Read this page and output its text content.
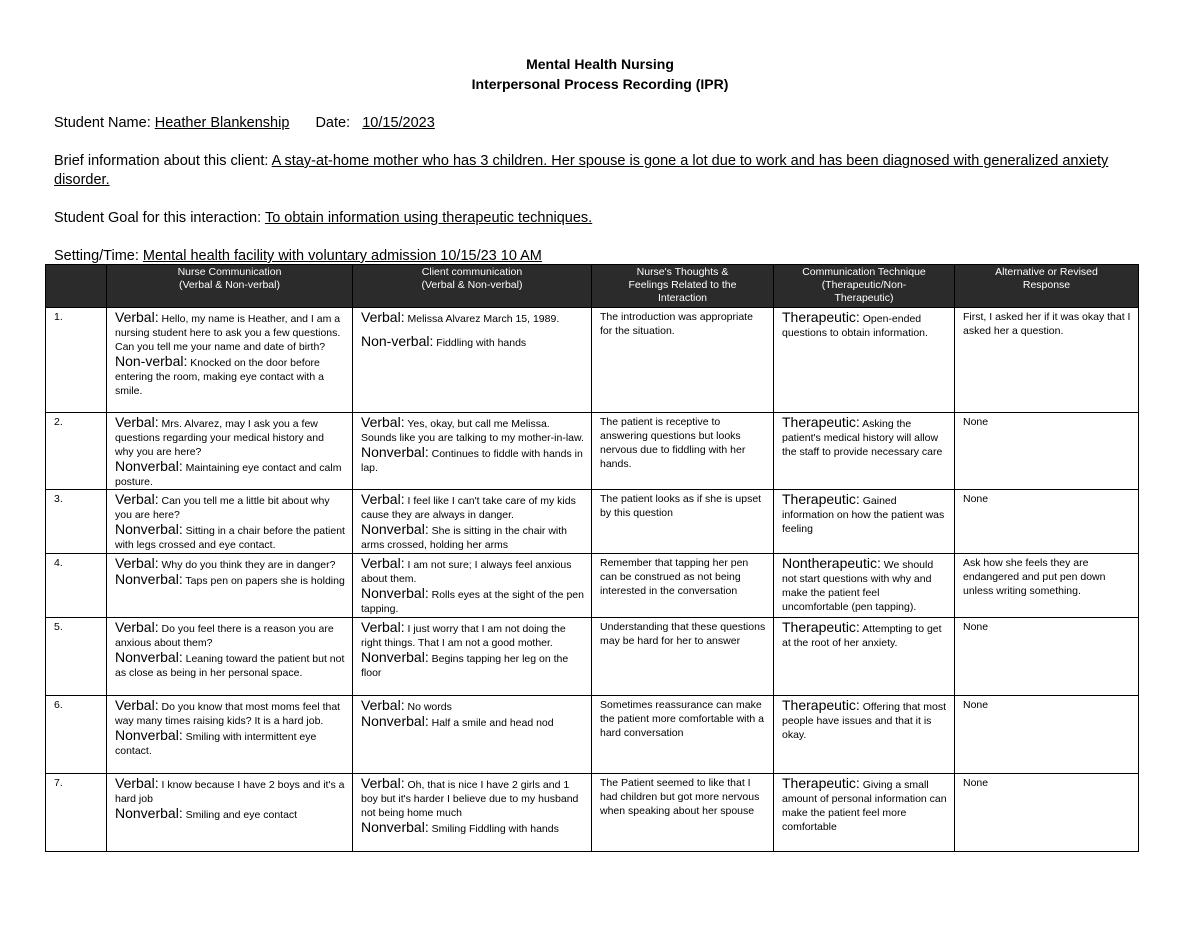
Mental Health Nursing
Interpersonal Process Recording (IPR)
Student Name: Heather Blankenship Date: 10/15/2023
Brief information about this client: A stay-at-home mother who has 3 children. Her spouse is gone a lot due to work and has been diagnosed with generalized anxiety disorder.
Student Goal for this interaction: To obtain information using therapeutic techniques.
Setting/Time: Mental health facility with voluntary admission 10/15/23 10 AM
	Nurse Communication
(Verbal & Non-verbal)	Client communication
(Verbal & Non-verbal)	Nurse's Thoughts &
Feelings Related to the
Interaction	Communication Technique
(Therapeutic/Non-
Therapeutic)	Alternative or Revised
Response
1.	Verbal: Hello, my name is Heather, and I am a nursing student here to ask you a few questions. Can you tell me your name and date of birth?
Non-verbal: Knocked on the door before entering the room, making eye contact with a smile.	Verbal: Melissa Alvarez March 15, 1989.
Non-verbal: Fiddling with hands	The introduction was appropriate for the situation.	Therapeutic: Open-ended questions to obtain information.	First, I asked her if it was okay that I asked her a question.
2.	Verbal: Mrs. Alvarez, may I ask you a few questions regarding your medical history and why you are here?
Nonverbal: Maintaining eye contact and calm posture.	Verbal: Yes, okay, but call me Melissa. Sounds like you are talking to my mother-in-law.
Nonverbal: Continues to fiddle with hands in lap.	The patient is receptive to answering questions but looks nervous due to fiddling with her hands.	Therapeutic: Asking the patient's medical history will allow the staff to provide necessary care	None
3.	Verbal: Can you tell me a little bit about why you are here?
Nonverbal: Sitting in a chair before the patient with legs crossed and eye contact.	Verbal: I feel like I can't take care of my kids cause they are always in danger.
Nonverbal: She is sitting in the chair with arms crossed, holding her arms	The patient looks as if she is upset by this question	Therapeutic: Gained information on how the patient was feeling	None
4.	Verbal: Why do you think they are in danger?
Nonverbal: Taps pen on papers she is holding	Verbal: I am not sure; I always feel anxious about them.
Nonverbal: Rolls eyes at the sight of the pen tapping.	Remember that tapping her pen can be construed as not being interested in the conversation	Nontherapeutic: We should not start questions with why and make the patient feel uncomfortable (pen tapping).	Ask how she feels they are endangered and put pen down unless writing something.
5.	Verbal: Do you feel there is a reason you are anxious about them?
Nonverbal: Leaning toward the patient but not as close as being in her personal space.	Verbal: I just worry that I am not doing the right things. That I am not a good mother.
Nonverbal: Begins tapping her leg on the floor	Understanding that these questions may be hard for her to answer	Therapeutic: Attempting to get at the root of her anxiety.	None
6.	Verbal: Do you know that most moms feel that way many times raising kids? It is a hard job.
Nonverbal: Smiling with intermittent eye contact.	Verbal: No words
Nonverbal: Half a smile and head nod	Sometimes reassurance can make the patient more comfortable with a hard conversation	Therapeutic: Offering that most people have issues and that it is okay.	None
7.	Verbal: I know because I have 2 boys and it's a hard job
Nonverbal: Smiling and eye contact	Verbal: Oh, that is nice I have 2 girls and 1 boy but it's harder I believe due to my husband not being home much
Nonverbal: Smiling Fiddling with hands	The Patient seemed to like that I had children but got more nervous when speaking about her spouse	Therapeutic: Giving a small amount of personal information can make the patient feel more comfortable	None
